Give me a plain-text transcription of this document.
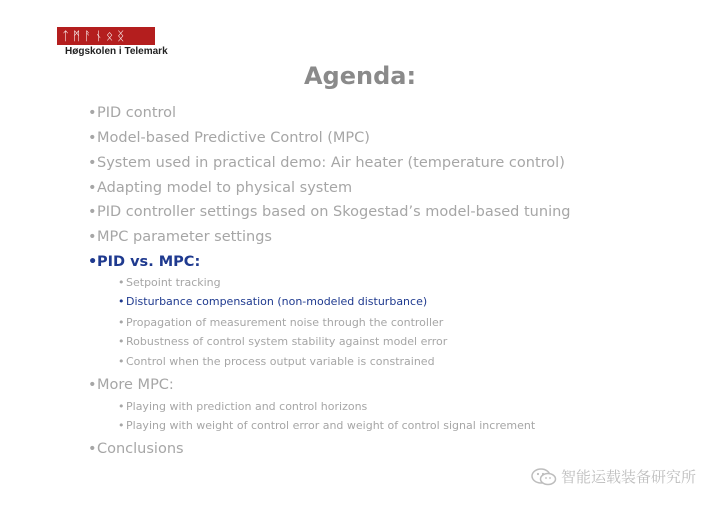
ᛏ ᛗ ᚨ ᚾ ᛟ ᛝ
Høgskolen i Telemark
Agenda:
•PID control
•Model-based Predictive Control (MPC)
•System used in practical demo: Air heater (temperature control)
•Adapting model to physical system
•PID controller settings based on Skogestad’s model-based tuning
•MPC parameter settings
•PID vs. MPC:
• Setpoint tracking
• Disturbance compensation (non-modeled disturbance)
• Propagation of measurement noise through the controller
• Robustness of control system stability against model error
• Control when the process output variable is constrained
•More MPC:
• Playing with prediction and control horizons
• Playing with weight of control error and weight of control signal increment
•Conclusions
智能运载装备研究所
